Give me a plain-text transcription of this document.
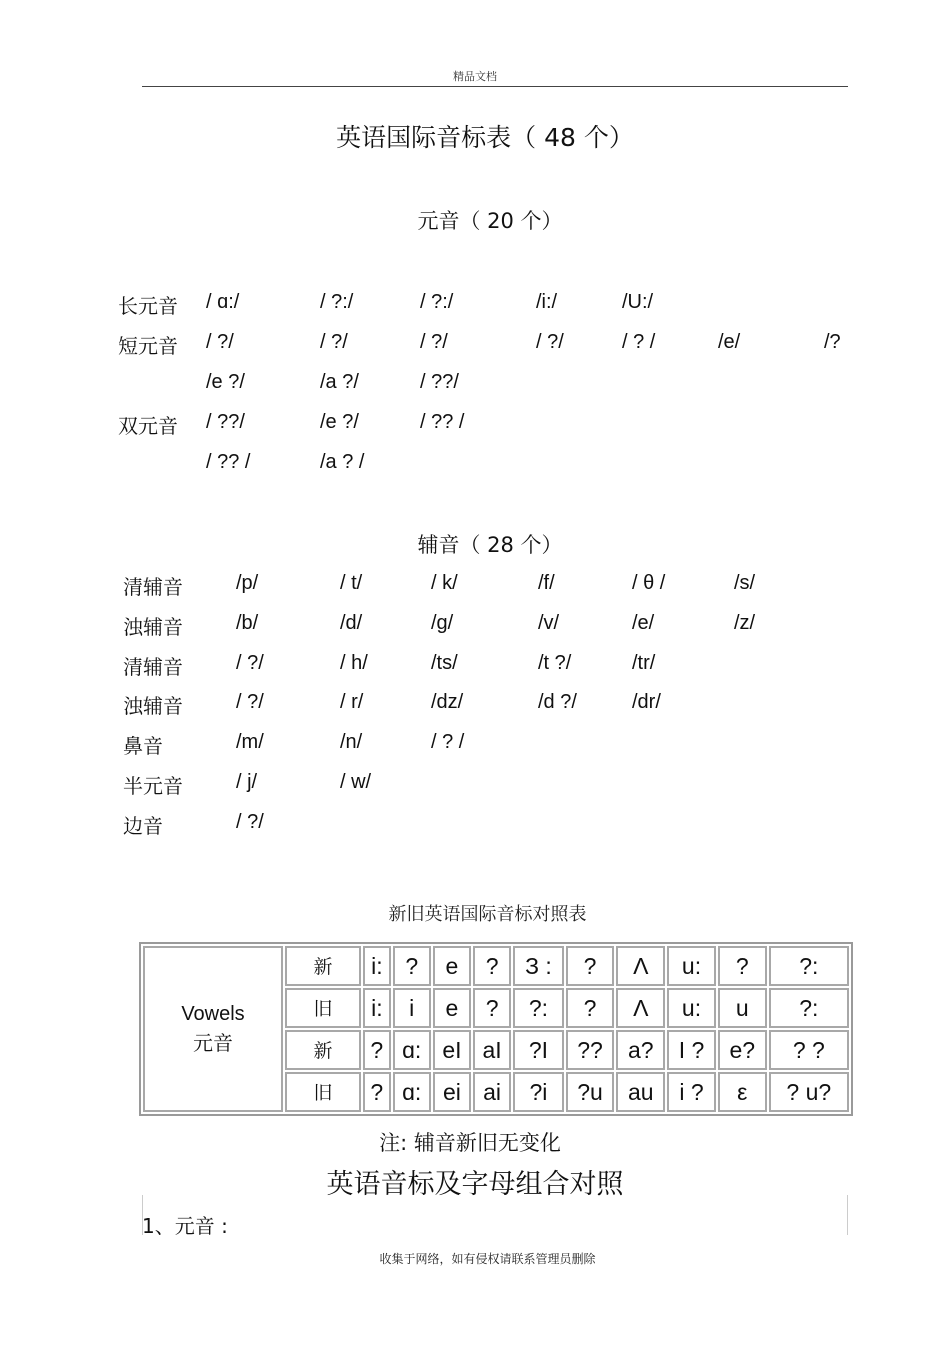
精品文档
英语国际音标表（ 48 个）
元音（ 20 个）
长元音 / ɑ:/	/ ?:/	/ ?:/	/i:/	/U:/
短元音 / ?/	/ ?/	/ ?/	/ ?/	/ ? /	/e/	/?
/e ?/	/a ?/	/ ??/
双元音 / ??/	/e ?/	/ ?? /
/ ?? /	/a ? /
辅音（ 28 个）
清辅音	/p/	/ t/	/ k/	/f/	/ θ /	/s/
浊辅音	/b/	/d/	/g/	/v/	/e/	/z/
清辅音	/ ?/	/ h/	/ts/	/t ?/	/tr/
浊辅音	/ ?/	/ r/	/dz/	/d ?/	/dr/
鼻音	/m/	/n/	/ ? /
半元音	/ j/	/ w/
边音	/ ?/
新旧英语国际音标对照表
Vowels
元音	新	i:	?	e	?	З :	?	Λ	u:	?	?:
	旧	i:	i	e	?	?:	?	Λ	u:	u	?:
	新	?	ɑ:	eI	aI	?I	??	a?	I ?	e?	? ?
	旧	?	ɑ:	ei	ai	?i	?u	au	i ?	ε	? u?
注: 辅音新旧无变化
英语音标及字母组合对照
1、元音 :
收集于网络，如有侵权请联系管理员删除
